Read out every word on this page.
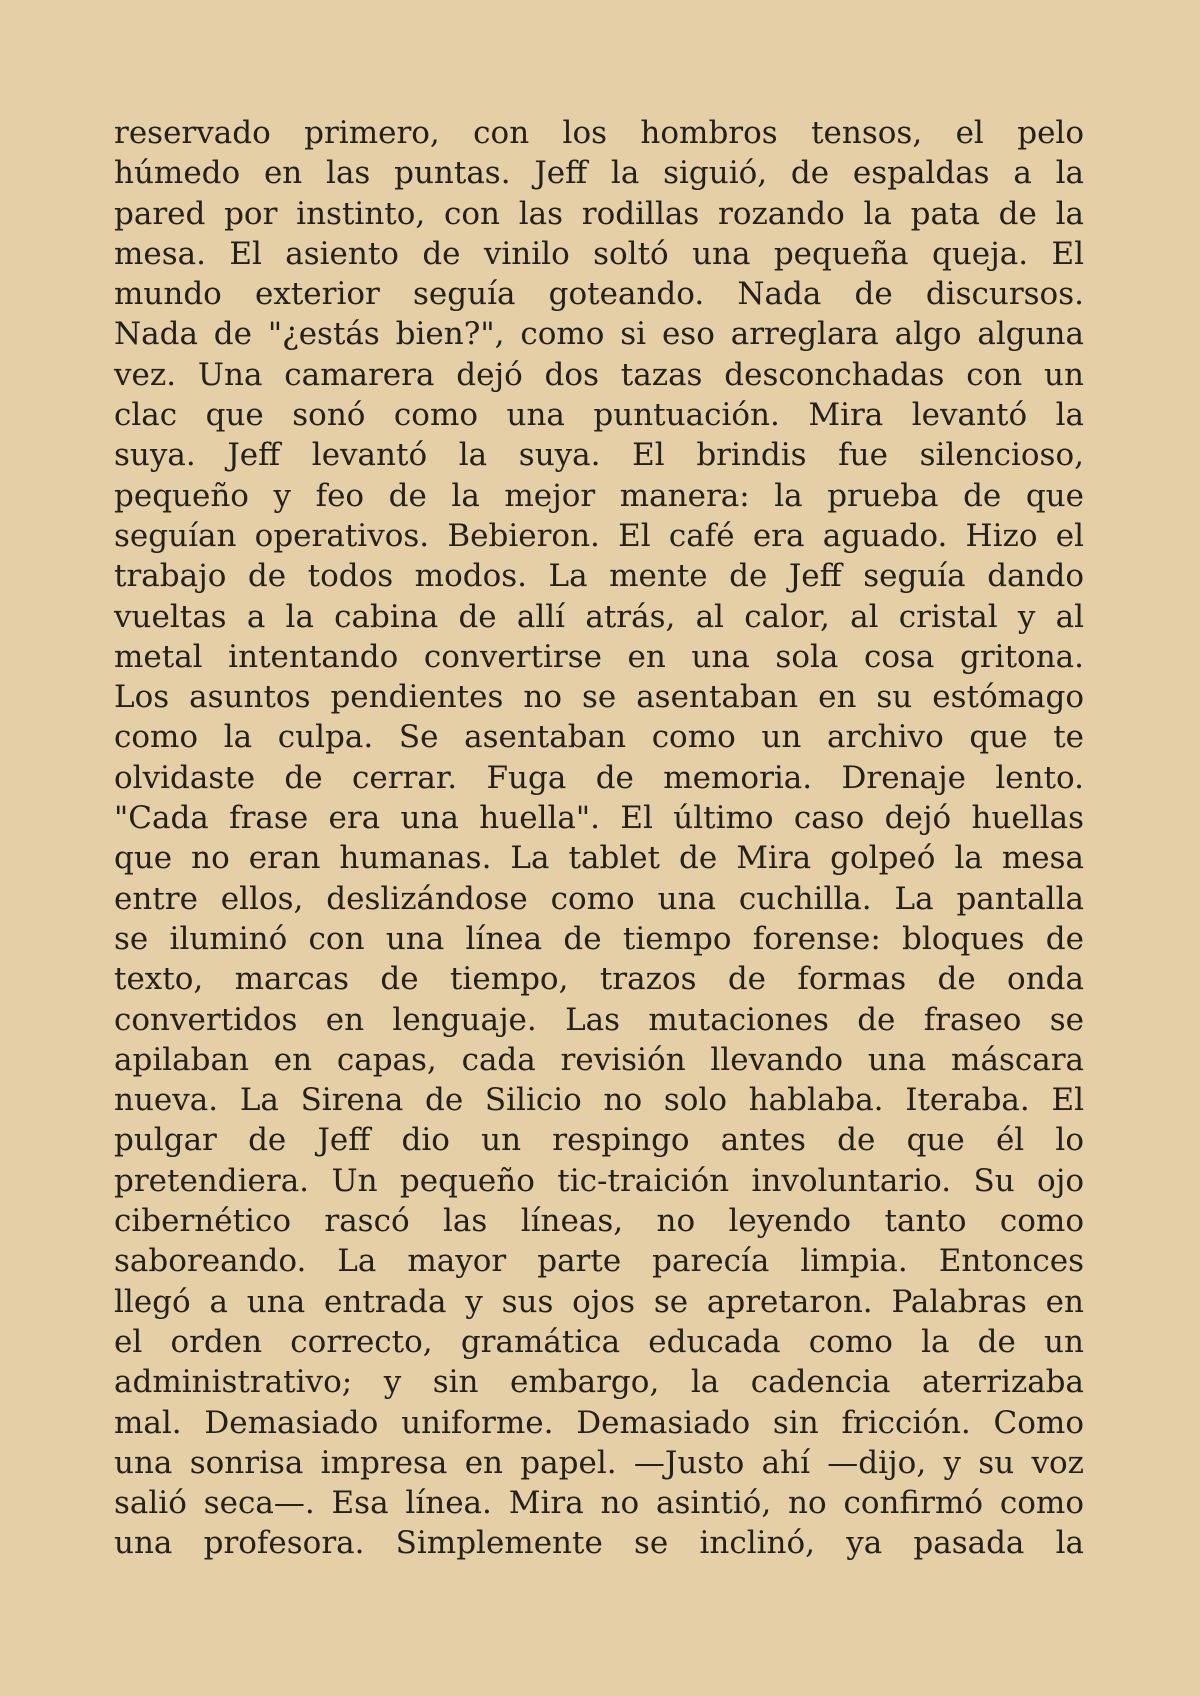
reservado primero, con los hombros tensos, el pelo
húmedo en las puntas. Jeff la siguió, de espaldas a la
pared por instinto, con las rodillas rozando la pata de la
mesa. El asiento de vinilo soltó una pequeña queja. El
mundo exterior seguía goteando. Nada de discursos.
Nada de "¿estás bien?", como si eso arreglara algo alguna
vez. Una camarera dejó dos tazas desconchadas con un
clac que sonó como una puntuación. Mira levantó la
suya. Jeff levantó la suya. El brindis fue silencioso,
pequeño y feo de la mejor manera: la prueba de que
seguían operativos. Bebieron. El café era aguado. Hizo el
trabajo de todos modos. La mente de Jeff seguía dando
vueltas a la cabina de allí atrás, al calor, al cristal y al
metal intentando convertirse en una sola cosa gritona.
Los asuntos pendientes no se asentaban en su estómago
como la culpa. Se asentaban como un archivo que te
olvidaste de cerrar. Fuga de memoria. Drenaje lento.
"Cada frase era una huella". El último caso dejó huellas
que no eran humanas. La tablet de Mira golpeó la mesa
entre ellos, deslizándose como una cuchilla. La pantalla
se iluminó con una línea de tiempo forense: bloques de
texto, marcas de tiempo, trazos de formas de onda
convertidos en lenguaje. Las mutaciones de fraseo se
apilaban en capas, cada revisión llevando una máscara
nueva. La Sirena de Silicio no solo hablaba. Iteraba. El
pulgar de Jeff dio un respingo antes de que él lo
pretendiera. Un pequeño tic-traición involuntario. Su ojo
cibernético rascó las líneas, no leyendo tanto como
saboreando. La mayor parte parecía limpia. Entonces
llegó a una entrada y sus ojos se apretaron. Palabras en
el orden correcto, gramática educada como la de un
administrativo; y sin embargo, la cadencia aterrizaba
mal. Demasiado uniforme. Demasiado sin fricción. Como
una sonrisa impresa en papel. —Justo ahí —dijo, y su voz
salió seca—. Esa línea. Mira no asintió, no confirmó como
una profesora. Simplemente se inclinó, ya pasada la
